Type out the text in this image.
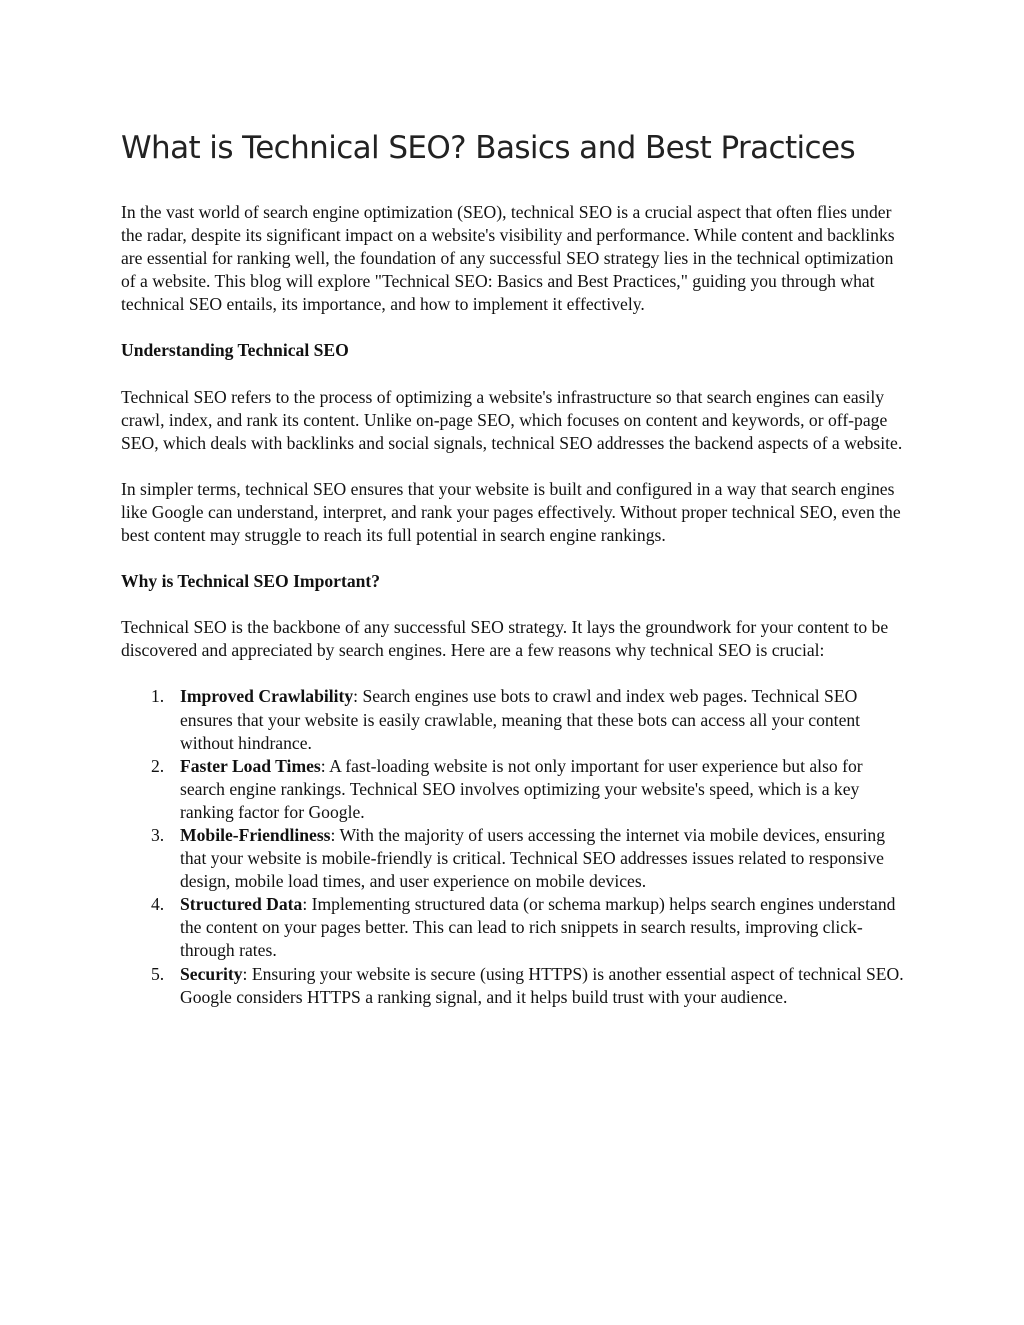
What is Technical SEO? Basics and Best Practices

In the vast world of search engine optimization (SEO), technical SEO is a crucial aspect that often flies under the radar, despite its significant impact on a website's visibility and performance. While content and backlinks are essential for ranking well, the foundation of any successful SEO strategy lies in the technical optimization of a website. This blog will explore "Technical SEO: Basics and Best Practices," guiding you through what technical SEO entails, its importance, and how to implement it effectively.

Understanding Technical SEO

Technical SEO refers to the process of optimizing a website's infrastructure so that search engines can easily crawl, index, and rank its content. Unlike on-page SEO, which focuses on content and keywords, or off-page SEO, which deals with backlinks and social signals, technical SEO addresses the backend aspects of a website.

In simpler terms, technical SEO ensures that your website is built and configured in a way that search engines like Google can understand, interpret, and rank your pages effectively. Without proper technical SEO, even the best content may struggle to reach its full potential in search engine rankings.

Why is Technical SEO Important?

Technical SEO is the backbone of any successful SEO strategy. It lays the groundwork for your content to be discovered and appreciated by search engines. Here are a few reasons why technical SEO is crucial:

1. Improved Crawlability: Search engines use bots to crawl and index web pages. Technical SEO ensures that your website is easily crawlable, meaning that these bots can access all your content without hindrance.
2. Faster Load Times: A fast-loading website is not only important for user experience but also for search engine rankings. Technical SEO involves optimizing your website's speed, which is a key ranking factor for Google.
3. Mobile-Friendliness: With the majority of users accessing the internet via mobile devices, ensuring that your website is mobile-friendly is critical. Technical SEO addresses issues related to responsive design, mobile load times, and user experience on mobile devices.
4. Structured Data: Implementing structured data (or schema markup) helps search engines understand the content on your pages better. This can lead to rich snippets in search results, improving click-through rates.
5. Security: Ensuring your website is secure (using HTTPS) is another essential aspect of technical SEO. Google considers HTTPS a ranking signal, and it helps build trust with your audience.
